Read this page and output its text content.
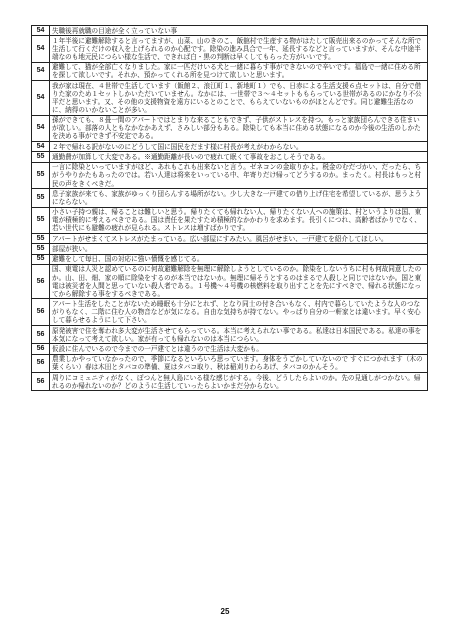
54	失職後再就職の目途が全く立っていない事
54	１年半後に避難解除すると言ってますが、山菜、山のきのこ、飯舘村で生産する物がはたして販売出来るのかってそんな所で生活して行くだけの収入を上げられるのか心配です。除染の進み具合で一年、延長するなどと言っていますが、そんな中途半端なのも地元民につらい様な生活で、できれば白・黒の判断は早くしてもらった方がいいです。
54	避難して、猫が全部亡くなりました。家に一匹だけいる犬と一緒に暮らす事ができないので辛いです。福島で一緒に住める所を探して欲しいです。それか、預かってくれる所を見つけて欲しいと思います。
54	我が家は現在、４世帯で生活しています（飯館２、浪江町１、新地町１）でも、日赤による生活支援６点セットは、自分で借りた家のため１セットしかいただいていません。なかには、一世帯で３～４セットももらっている世帯があるのにかなり不公平だと思います。又、その他の支援物資を遠方にいるとのことで、もらえていないものがほとんどです。同じ避難生活なのに、納得のいかないことが多い。
54	孫ができても、８畳一間のアパートではとまりな来ることもできず、子供がストレスを持つ。もっと家族団らんできる住まいが欲しい。部落の人ともなかなかあえず、さみしい部分もある。除染しても本当に住める状態になるのか今後の生活のしかたを決める事ができず不安定である。
54	２年で帰れる訳がないのにどうして国に国民をだます様に村長が考えがわからない。
55	通勤費が加算して大変である。※通勤距離が長いので疲れて眠くて事故をおこしそうである。
55	一言に除染といっていますがほど、あれもこれも出来ないと言う。ゼネコンの金取りかよ。税金のむだづかい、だったら、ちがうやりかたもあったのでは。若い人達は将来をいっている中、年寄りだけ帰ってどうするのか。まったく。村長はもっと村民の声をきくべきだ。
55	息子家族が来ても、家族がゆっくり団らんする場所がない。少し大きな一戸建ての借り上げ住宅を希望しているが、思うようにならない。
55	小さい子持つ親は、帰ることは難しいと思う。帰りたくても帰れない人、帰りたくない人への施策は、村というよりは国、東電が積極的に考えるべきである。国は責任を果たすため積極的なかかわりを求めます。長引くにつれ、高齢者ばかりでなく、若い世代にも避難の疲れが見られる。ストレスは増すばかりです。
55	アパートがせまくてストレスがたまっている。広い部屋にすみたい。風呂がせまい、一戸建てを紹介してほしい。
55	部屋が狭い。
55	避難をして毎日、国の対応に強い憤慨を感じてる。
56	国、東電は人災と認めているのに何故避難解除を無理に解除しようとしているのか。除染をしないうちに村も何故同意したのか。山、田、畑、家の順に除染をするのが本当ではないか。無理に帰そうとするのはまるで人殺しと同じではないか。国と東電は被災者を人間と思っていない殺人者である。１号機～４号機の核燃料を取り出すことを先にすべきで、帰れる状態になってから解除する事をするべきである。
56	アパート生活をしたことがないため睡眠も十分にとれず、となり同士の付き合いもなく、村内で暮らしていたような人のつながりもなく、二階に住む人の物音などが気になる。自由な気持ちが持てない。やっぱり自分の一軒家とは違います。早く安心して暮らせるようにして下さい。
56	原発被害で住を奪われ多大変が生活させてもらっている。本当に考えられない事である。私達は日本国民である。私達の事を本気になって考えて欲しい。家が有っても帰れないのは本当につらい。
56	仮設に住んでいるので今までの一戸建てとは違うので生活は大変かも。
56	農業しかやっていなかったので、季節になるといろいろ思っています。身体をうごかしていないので すぐにつかれます（木の葉くらい）春は木田とタバコの準備、夏はタバコ取り、秋は稲刈りわらあげ、タバコのかんそう。
56	周りにコミュニティがなく、ぽつんと無人島にいる様な感じがする。今後、どうしたらよいのか。先の見通しがつかない。帰れるのか帰れないのか？どのように生活していったらよいかまだ分からない。
25
